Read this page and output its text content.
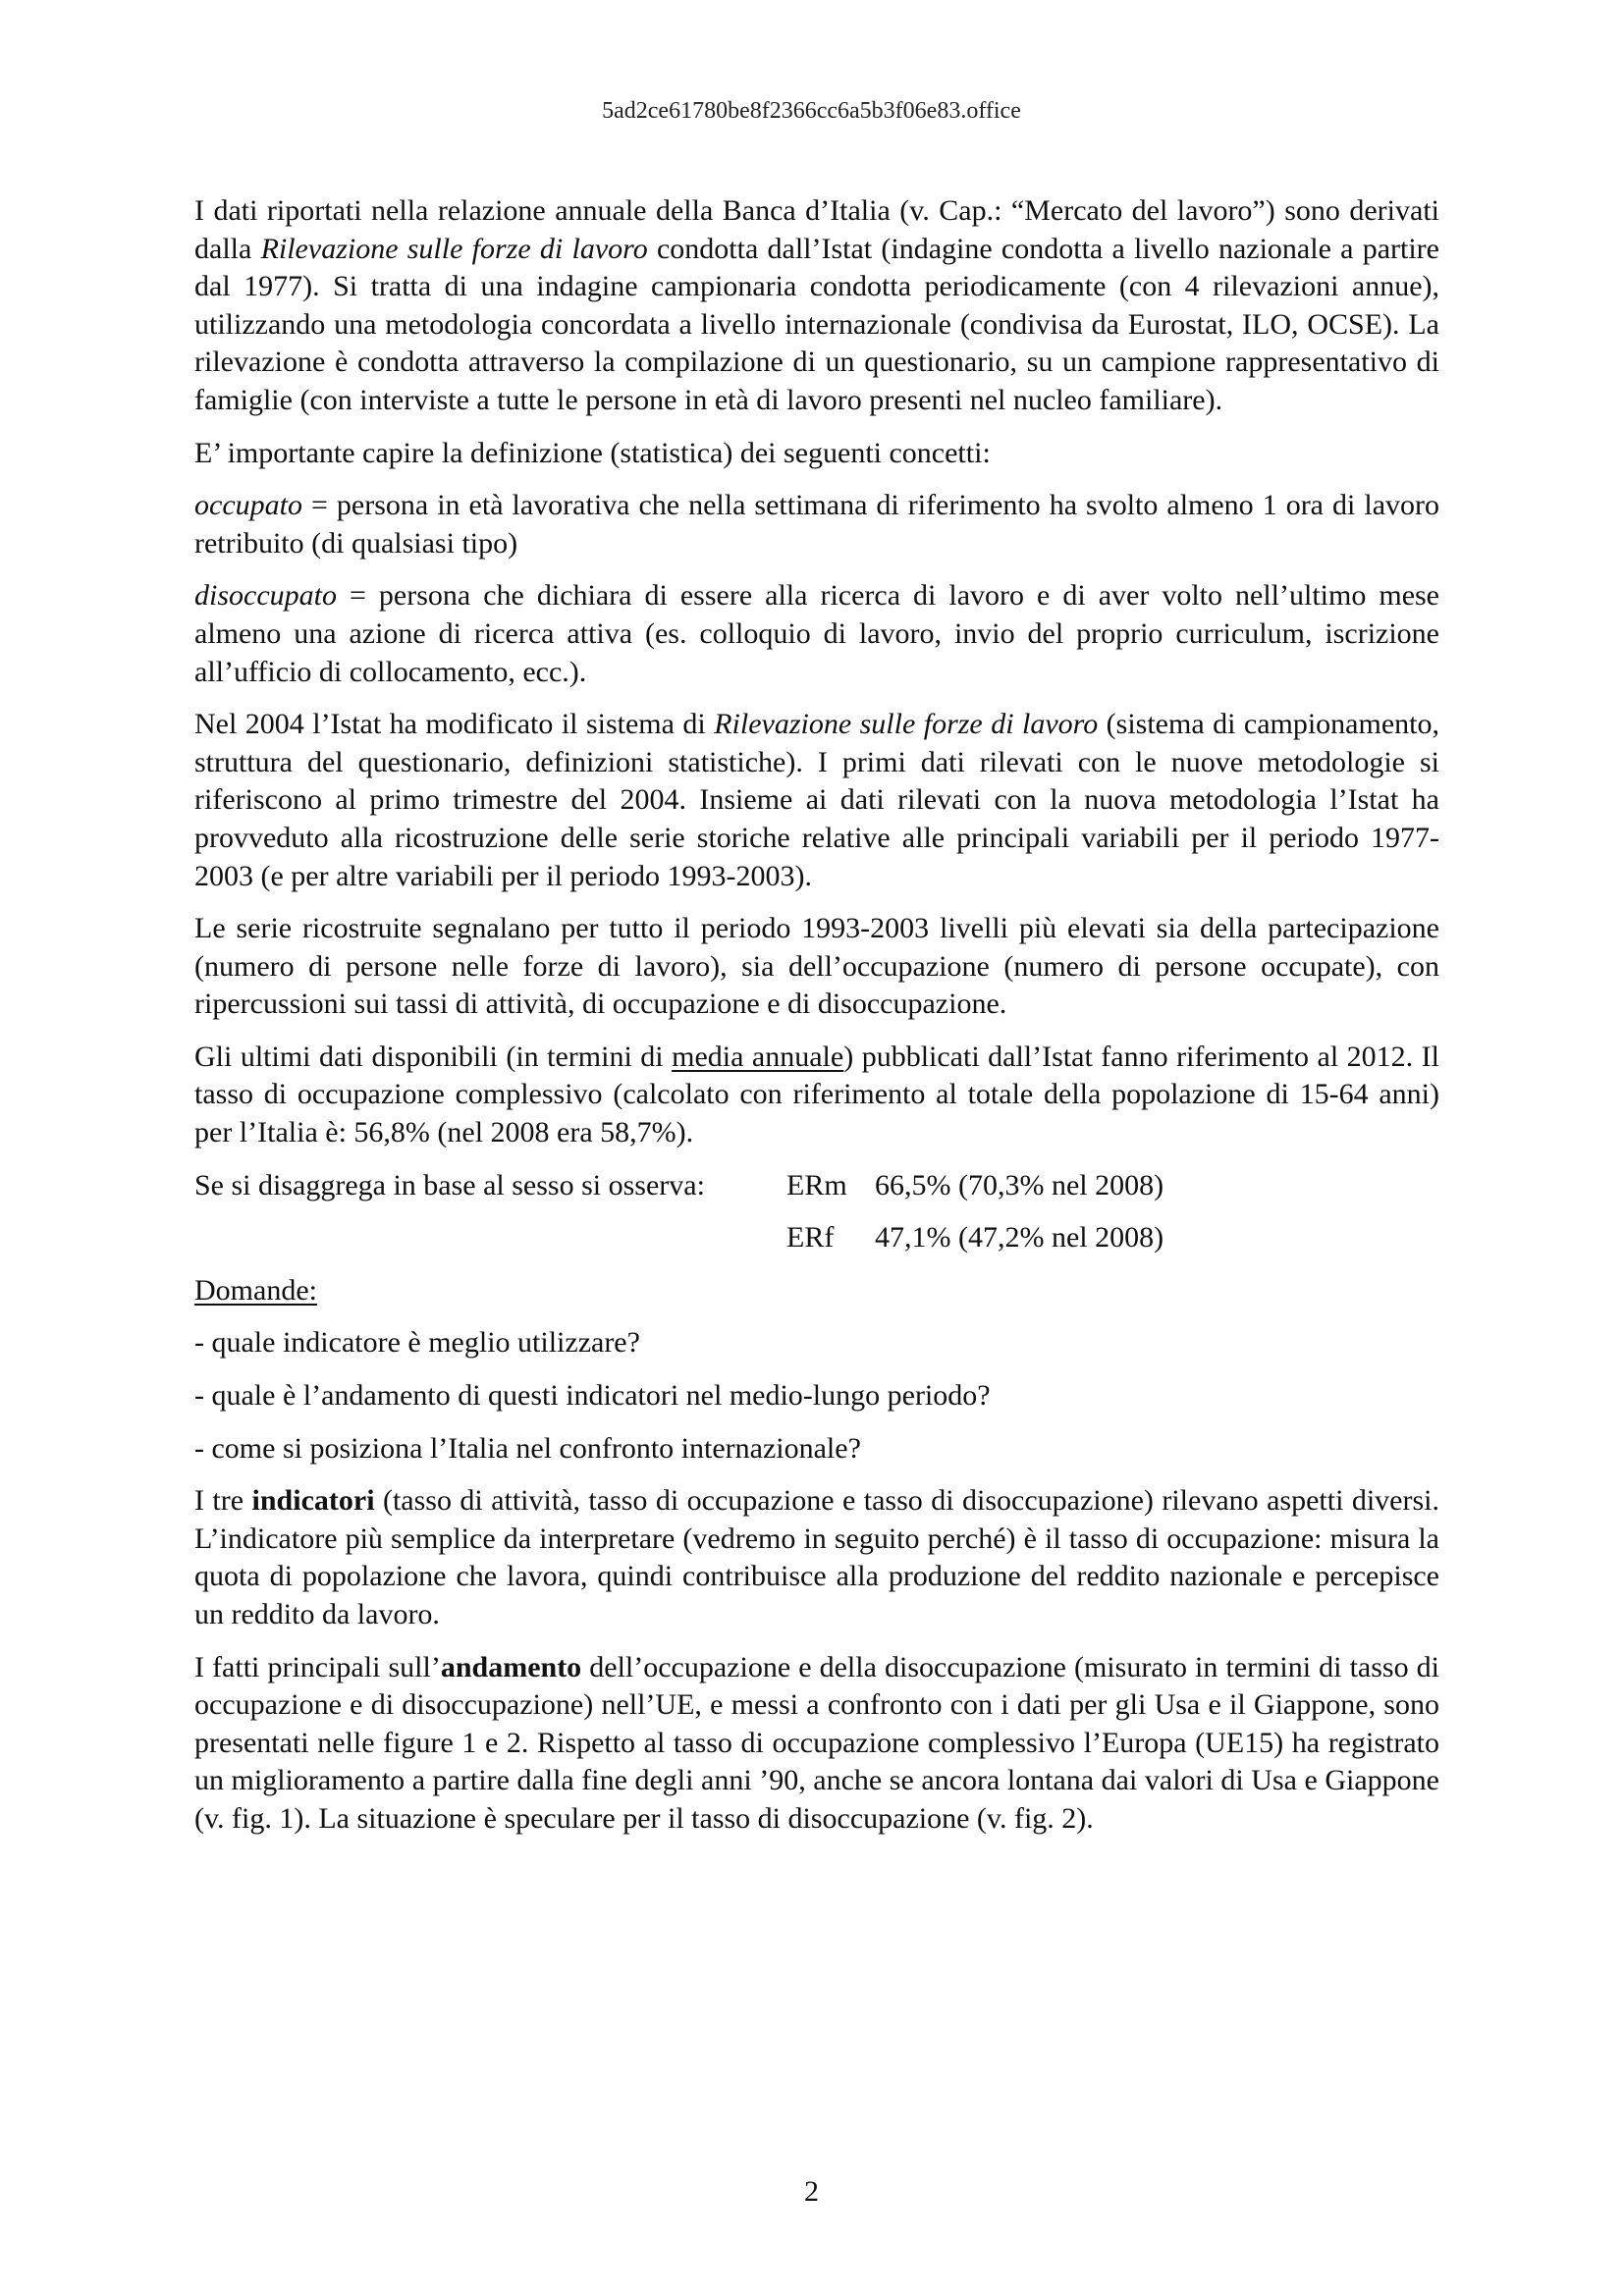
5ad2ce61780be8f2366cc6a5b3f06e83.office

I dati riportati nella relazione annuale della Banca d’Italia (v. Cap.: “Mercato del lavoro”) sono derivati dalla Rilevazione sulle forze di lavoro condotta dall’Istat (indagine condotta a livello nazionale a partire dal 1977). Si tratta di una indagine campionaria condotta periodicamente (con 4 rilevazioni annue), utilizzando una metodologia concordata a livello internazionale (condivisa da Eurostat, ILO, OCSE). La rilevazione è condotta attraverso la compilazione di un questionario, su un campione rappresentativo di famiglie (con interviste a tutte le persone in età di lavoro presenti nel nucleo familiare).

E’ importante capire la definizione (statistica) dei seguenti concetti:

occupato = persona in età lavorativa che nella settimana di riferimento ha svolto almeno 1 ora di lavoro retribuito (di qualsiasi tipo)

disoccupato = persona che dichiara di essere alla ricerca di lavoro e di aver volto nell’ultimo mese almeno una azione di ricerca attiva (es. colloquio di lavoro, invio del proprio curriculum, iscrizione all’ufficio di collocamento, ecc.).

Nel 2004 l’Istat ha modificato il sistema di Rilevazione sulle forze di lavoro (sistema di campionamento, struttura del questionario, definizioni statistiche). I primi dati rilevati con le nuove metodologie si riferiscono al primo trimestre del 2004. Insieme ai dati rilevati con la nuova metodologia l’Istat ha provveduto alla ricostruzione delle serie storiche relative alle principali variabili per il periodo 1977-2003 (e per altre variabili per il periodo 1993-2003).

Le serie ricostruite segnalano per tutto il periodo 1993-2003 livelli più elevati sia della partecipazione (numero di persone nelle forze di lavoro), sia dell’occupazione (numero di persone occupate), con ripercussioni sui tassi di attività, di occupazione e di disoccupazione.

Gli ultimi dati disponibili (in termini di media annuale) pubblicati dall’Istat fanno riferimento al 2012. Il tasso di occupazione complessivo (calcolato con riferimento al totale della popolazione di 15-64 anni) per l’Italia è: 56,8% (nel 2008 era 58,7%).

Se si disaggrega in base al sesso si osserva:	ERm 66,5% (70,3% nel 2008)
ERf	47,1% (47,2% nel 2008)

Domande:

- quale indicatore è meglio utilizzare?

- quale è l’andamento di questi indicatori nel medio-lungo periodo?

- come si posiziona l’Italia nel confronto internazionale?

I tre indicatori (tasso di attività, tasso di occupazione e tasso di disoccupazione) rilevano aspetti diversi. L’indicatore più semplice da interpretare (vedremo in seguito perché) è il tasso di occupazione: misura la quota di popolazione che lavora, quindi contribuisce alla produzione del reddito nazionale e percepisce un reddito da lavoro.

I fatti principali sull’andamento dell’occupazione e della disoccupazione (misurato in termini di tasso di occupazione e di disoccupazione) nell’UE, e messi a confronto con i dati per gli Usa e il Giappone, sono presentati nelle figure 1 e 2. Rispetto al tasso di occupazione complessivo l’Europa (UE15) ha registrato un miglioramento a partire dalla fine degli anni ’90, anche se ancora lontana dai valori di Usa e Giappone (v. fig. 1). La situazione è speculare per il tasso di disoccupazione (v. fig. 2).

2
